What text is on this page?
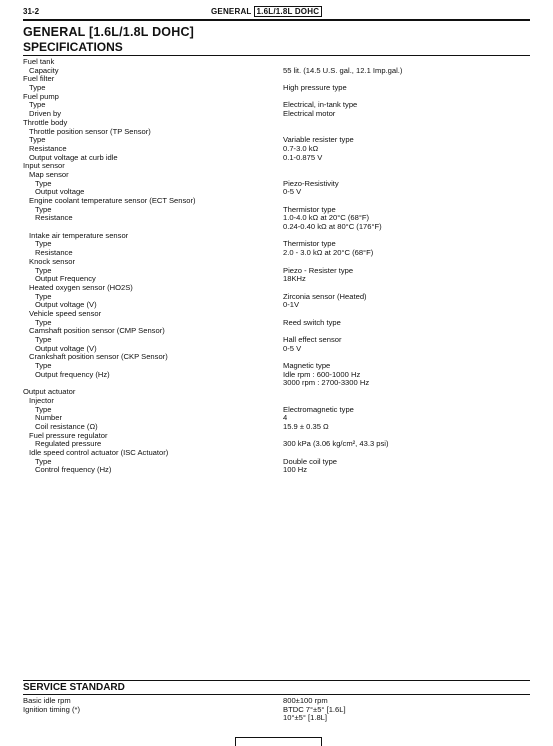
31-2	GENERAL 1.6L/1.8L DOHC
GENERAL [1.6L/1.8L DOHC]
SPECIFICATIONS
Fuel tank
Capacity	55 lit. (14.5 U.S. gal., 12.1 Imp.gal.)
Fuel filter
Type	High pressure type
Fuel pump
Type	Electrical, in-tank type
Driven by	Electrical motor
Throttle body
Throttle position sensor (TP Sensor)
Type	Variable resister type
Resistance	0.7-3.0 kΩ
Output voltage at curb idle	0.1-0.875 V
Input sensor
Map sensor
Type	Piezo-Resistivity
Output voltage	0-5 V
Engine coolant temperature sensor (ECT Sensor)
Type	Thermistor type
Resistance	1.0-4.0 kΩ at 20°C (68°F)
0.24-0.40 kΩ at 80°C (176°F)
Intake air temperature sensor
Type	Thermistor type
Resistance	2.0 - 3.0 kΩ at 20°C (68°F)
Knock sensor
Type	Piezo - Resister type
Output Frequency	18KHz
Heated oxygen sensor (HO2S)
Type	Zirconia sensor (Heated)
Output voltage (V)	0-1V
Vehicle speed sensor
Type	Reed switch type
Camshaft position sensor (CMP Sensor)
Type	Hall effect sensor
Output voltage (V)	0-5 V
Crankshaft position sensor (CKP Sensor)
Type	Magnetic type
Output frequency (Hz)	Idle rpm : 600-1000 Hz
3000 rpm : 2700-3300 Hz
Output actuator
Injector
Type	Electromagnetic type
Number	4
Coil resistance (Ω)	15.9 ± 0.35 Ω
Fuel pressure regulator
Regulated pressure	300 kPa (3.06 kg/cm², 43.3 psi)
Idle speed control actuator (ISC Actuator)
Type	Double coil type
Control frequency (Hz)	100 Hz
SERVICE STANDARD
Basic idle rpm	800±100 rpm
Ignition timing (*)	BTDC 7°±5° [1.6L]
10°±5° [1.8L]
